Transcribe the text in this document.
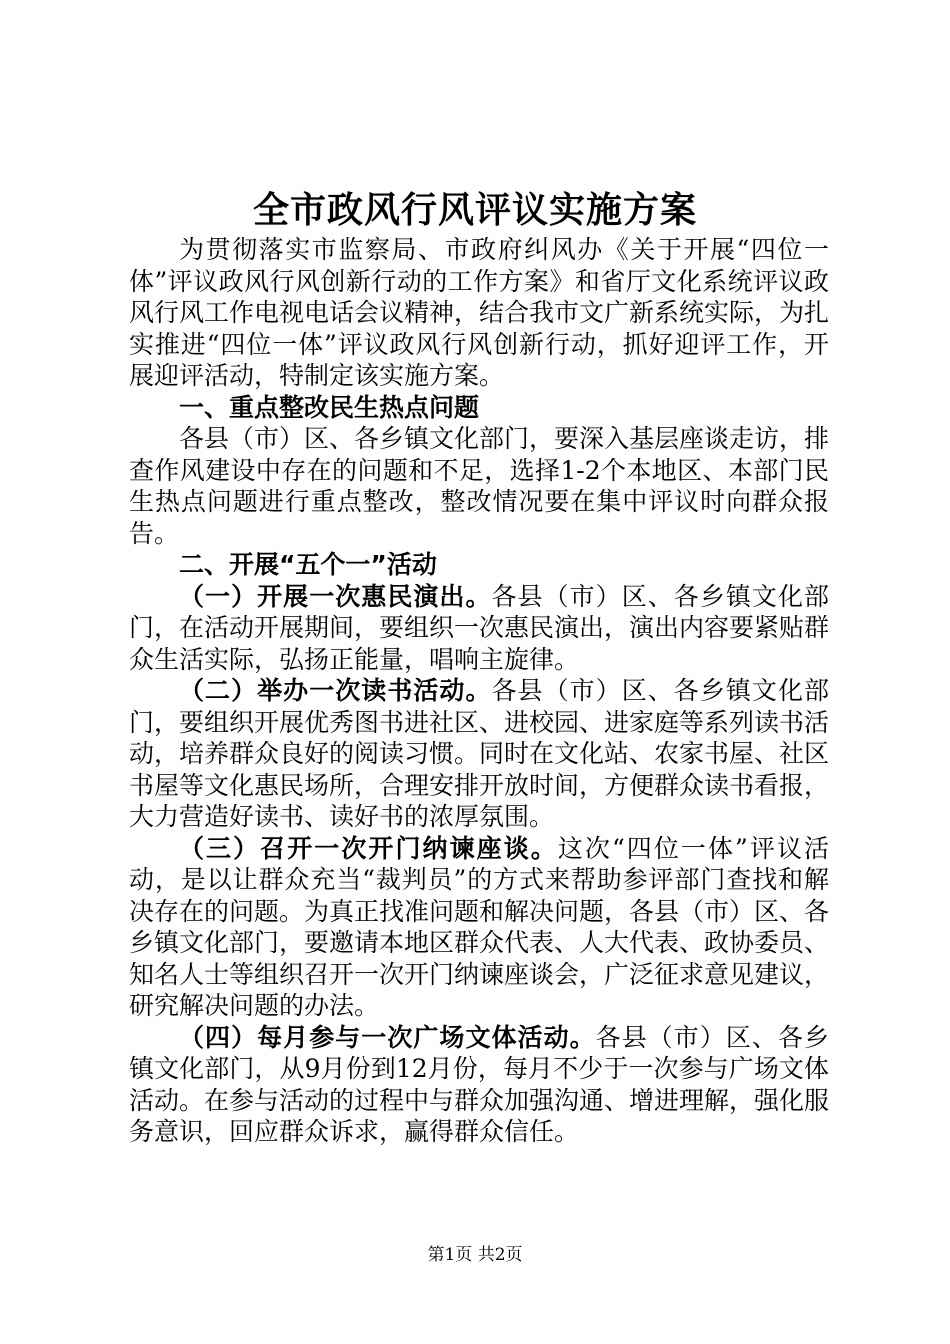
全市政风行风评议实施方案

为贯彻落实市监察局、市政府纠风办《关于开展“四位一体”评议政风行风创新行动的工作方案》和省厅文化系统评议政风行风工作电视电话会议精神，结合我市文广新系统实际，为扎实推进“四位一体”评议政风行风创新行动，抓好迎评工作，开展迎评活动，特制定该实施方案。

一、重点整改民生热点问题

各县（市）区、各乡镇文化部门，要深入基层座谈走访，排查作风建设中存在的问题和不足，选择1-2个本地区、本部门民生热点问题进行重点整改，整改情况要在集中评议时向群众报告。

二、开展“五个一”活动

（一）开展一次惠民演出。各县（市）区、各乡镇文化部门，在活动开展期间，要组织一次惠民演出，演出内容要紧贴群众生活实际，弘扬正能量，唱响主旋律。

（二）举办一次读书活动。各县（市）区、各乡镇文化部门，要组织开展优秀图书进社区、进校园、进家庭等系列读书活动，培养群众良好的阅读习惯。同时在文化站、农家书屋、社区书屋等文化惠民场所，合理安排开放时间，方便群众读书看报，大力营造好读书、读好书的浓厚氛围。

（三）召开一次开门纳谏座谈。这次“四位一体”评议活动，是以让群众充当“裁判员”的方式来帮助参评部门查找和解决存在的问题。为真正找准问题和解决问题，各县（市）区、各乡镇文化部门，要邀请本地区群众代表、人大代表、政协委员、知名人士等组织召开一次开门纳谏座谈会，广泛征求意见建议，研究解决问题的办法。

（四）每月参与一次广场文体活动。各县（市）区、各乡镇文化部门，从9月份到12月份，每月不少于一次参与广场文体活动。在参与活动的过程中与群众加强沟通、增进理解，强化服务意识，回应群众诉求，赢得群众信任。

第1页 共2页
